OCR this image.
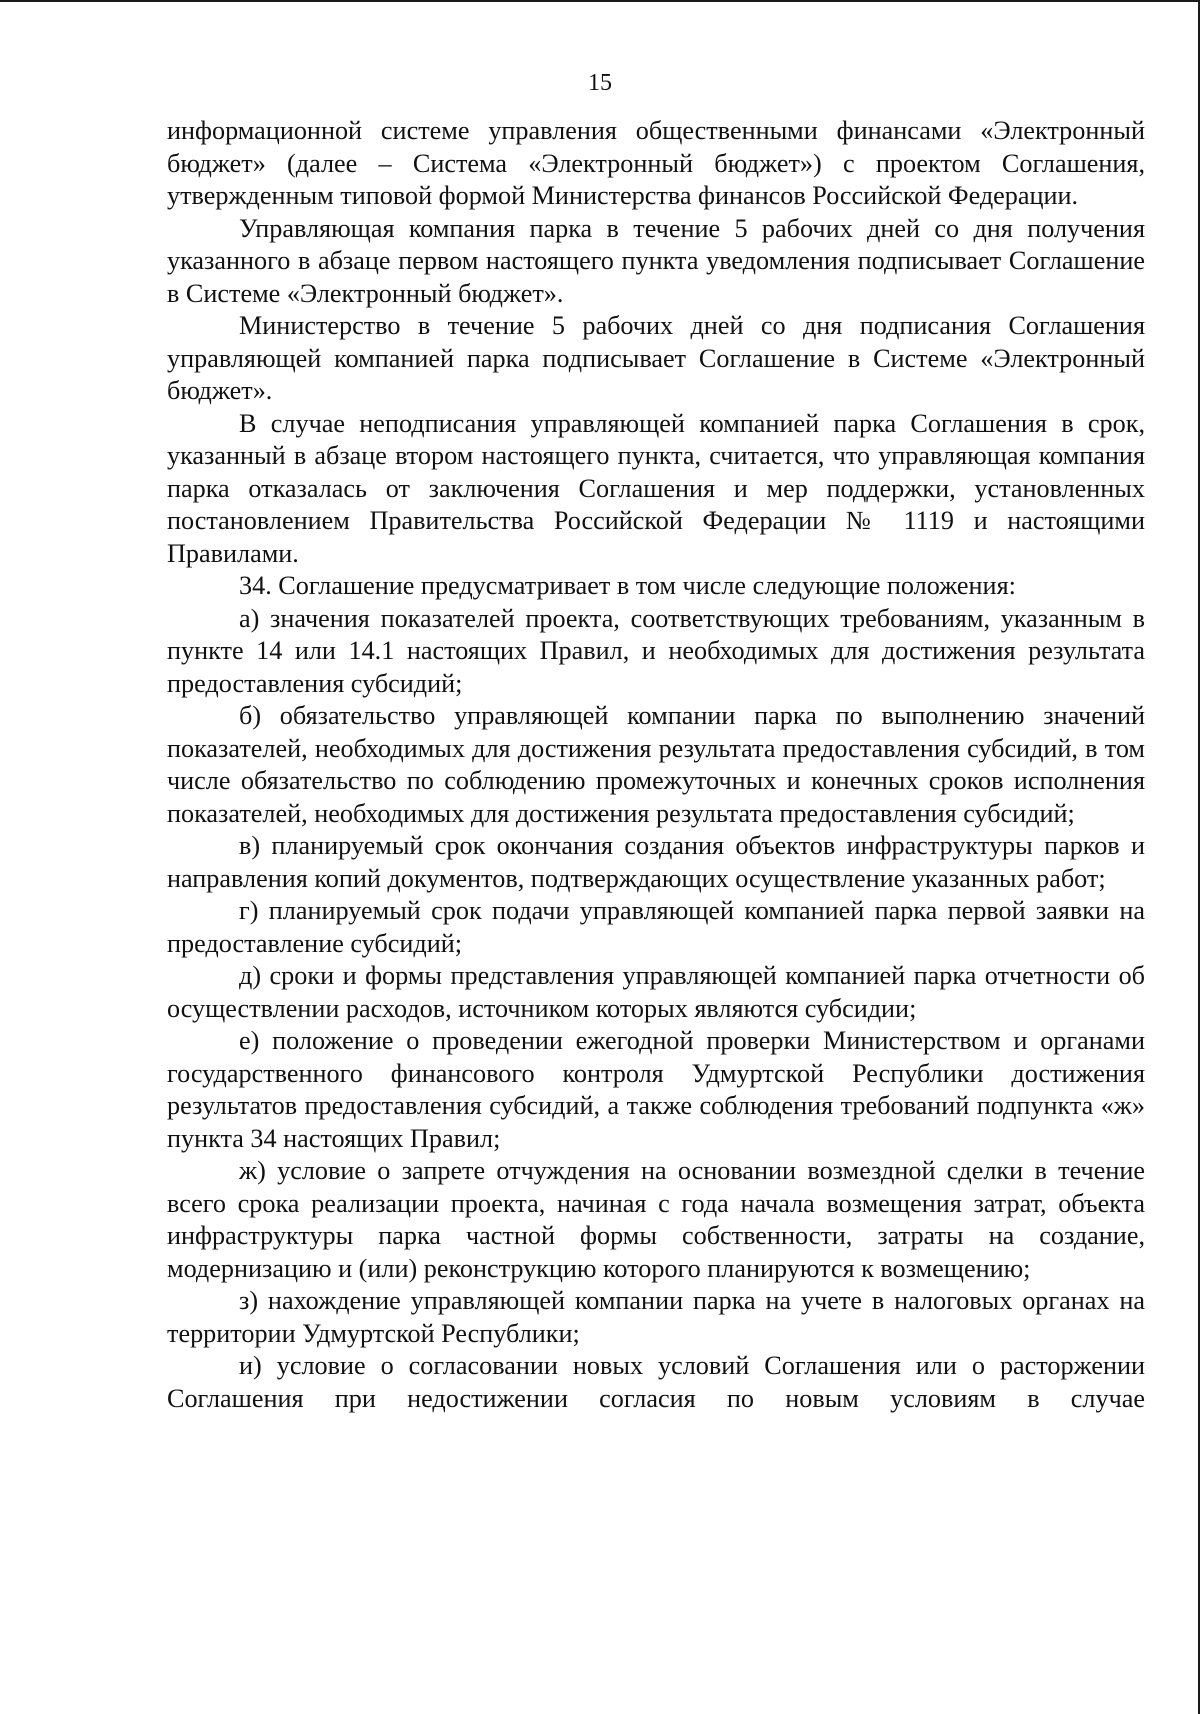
15

информационной системе управления общественными финансами «Электронный бюджет» (далее – Система «Электронный бюджет») с проектом Соглашения, утвержденным типовой формой Министерства финансов Российской Федерации.

Управляющая компания парка в течение 5 рабочих дней со дня получения указанного в абзаце первом настоящего пункта уведомления подписывает Соглашение в Системе «Электронный бюджет».

Министерство в течение 5 рабочих дней со дня подписания Соглашения управляющей компанией парка подписывает Соглашение в Системе «Электронный бюджет».

В случае неподписания управляющей компанией парка Соглашения в срок, указанный в абзаце втором настоящего пункта, считается, что управляющая компания парка отказалась от заключения Соглашения и мер поддержки, установленных постановлением Правительства Российской Федерации № 1119 и настоящими Правилами.

34. Соглашение предусматривает в том числе следующие положения:

а) значения показателей проекта, соответствующих требованиям, указанным в пункте 14 или 14.1 настоящих Правил, и необходимых для достижения результата предоставления субсидий;

б) обязательство управляющей компании парка по выполнению значений показателей, необходимых для достижения результата предоставления субсидий, в том числе обязательство по соблюдению промежуточных и конечных сроков исполнения показателей, необходимых для достижения результата предоставления субсидий;

в) планируемый срок окончания создания объектов инфраструктуры парков и направления копий документов, подтверждающих осуществление указанных работ;

г) планируемый срок подачи управляющей компанией парка первой заявки на предоставление субсидий;

д) сроки и формы представления управляющей компанией парка отчетности об осуществлении расходов, источником которых являются субсидии;

е) положение о проведении ежегодной проверки Министерством и органами государственного финансового контроля Удмуртской Республики достижения результатов предоставления субсидий, а также соблюдения требований подпункта «ж» пункта 34 настоящих Правил;

ж) условие о запрете отчуждения на основании возмездной сделки в течение всего срока реализации проекта, начиная с года начала возмещения затрат, объекта инфраструктуры парка частной формы собственности, затраты на создание, модернизацию и (или) реконструкцию которого планируются к возмещению;

з) нахождение управляющей компании парка на учете в налоговых органах на территории Удмуртской Республики;

и) условие о согласовании новых условий Соглашения или о расторжении Соглашения при недостижении согласия по новым условиям в случае
